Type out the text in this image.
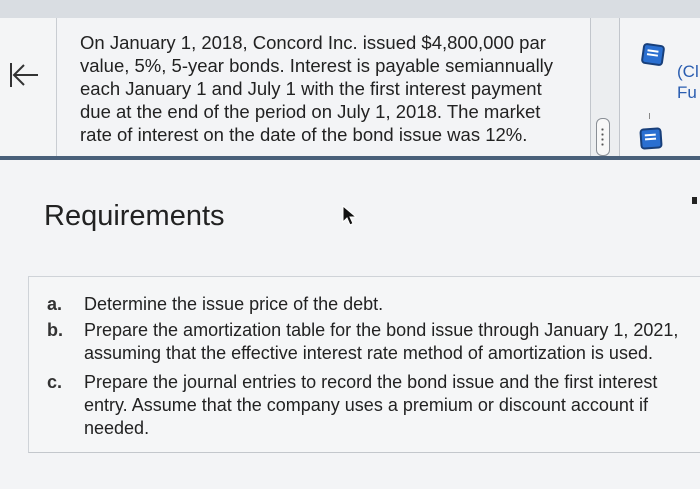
On January 1, 2018, Concord Inc. issued $4,800,000 par
value, 5%, 5-year bonds. Interest is payable semiannually
each January 1 and July 1 with the first interest payment
due at the end of the period on July 1, 2018. The market
rate of interest on the date of the bond issue was 12%.
(Cl
Fu
Requirements
a. Determine the issue price of the debt.
b. Prepare the amortization table for the bond issue through January 1, 2021,
assuming that the effective interest rate method of amortization is used.
c. Prepare the journal entries to record the bond issue and the first interest
entry. Assume that the company uses a premium or discount account if
needed.
